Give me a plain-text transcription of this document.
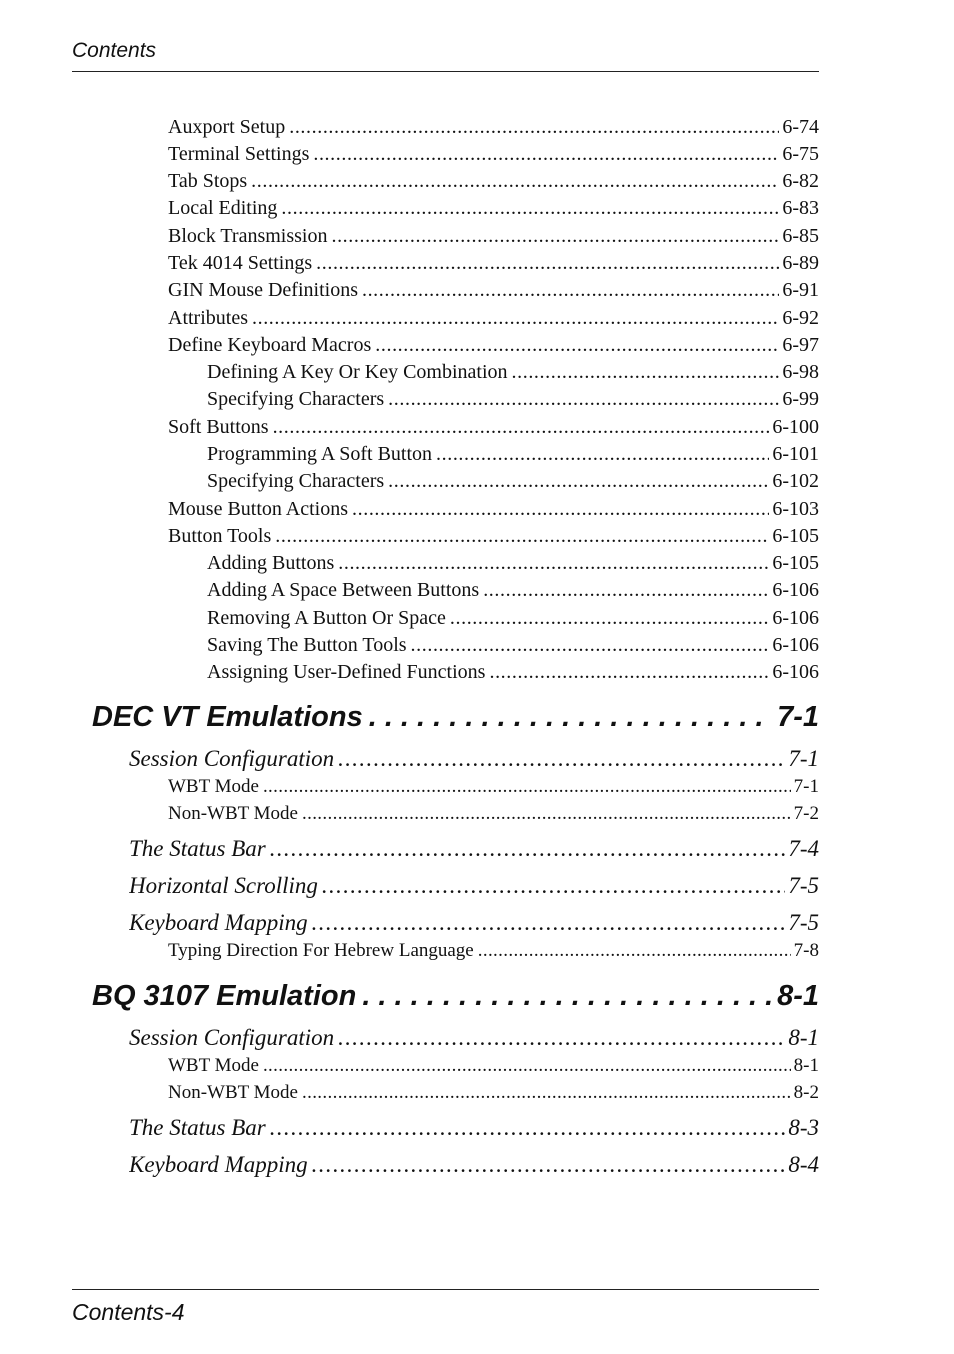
Contents
Auxport Setup . . .	6-74
Terminal Settings . . .	6-75
Tab Stops . . .	6-82
Local Editing . . .	6-83
Block Transmission . . .	6-85
Tek 4014 Settings . . .	6-89
GIN Mouse Definitions . . .	6-91
Attributes . . .	6-92
Define Keyboard Macros . . .	6-97
Defining A Key Or Key Combination . . .	6-98
Specifying Characters . . .	6-99
Soft Buttons . . .	6-100
Programming A Soft Button . . .	6-101
Specifying Characters . . .	6-102
Mouse Button Actions . . .	6-103
Button Tools . . .	6-105
Adding Buttons . . .	6-105
Adding A Space Between Buttons . . .	6-106
Removing A Button Or Space . . .	6-106
Saving The Button Tools . . .	6-106
Assigning User-Defined Functions . . .	6-106
DEC VT Emulations . . .	7-1
Session Configuration . . .	7-1
WBT Mode . . .	7-1
Non-WBT Mode . . .	7-2
The Status Bar . . .	7-4
Horizontal Scrolling . . .	7-5
Keyboard Mapping . . .	7-5
Typing Direction For Hebrew Language . . .	7-8
BQ 3107 Emulation . . .	8-1
Session Configuration . . .	8-1
WBT Mode . . .	8-1
Non-WBT Mode . . .	8-2
The Status Bar . . .	8-3
Keyboard Mapping . . .	8-4
Contents-4
